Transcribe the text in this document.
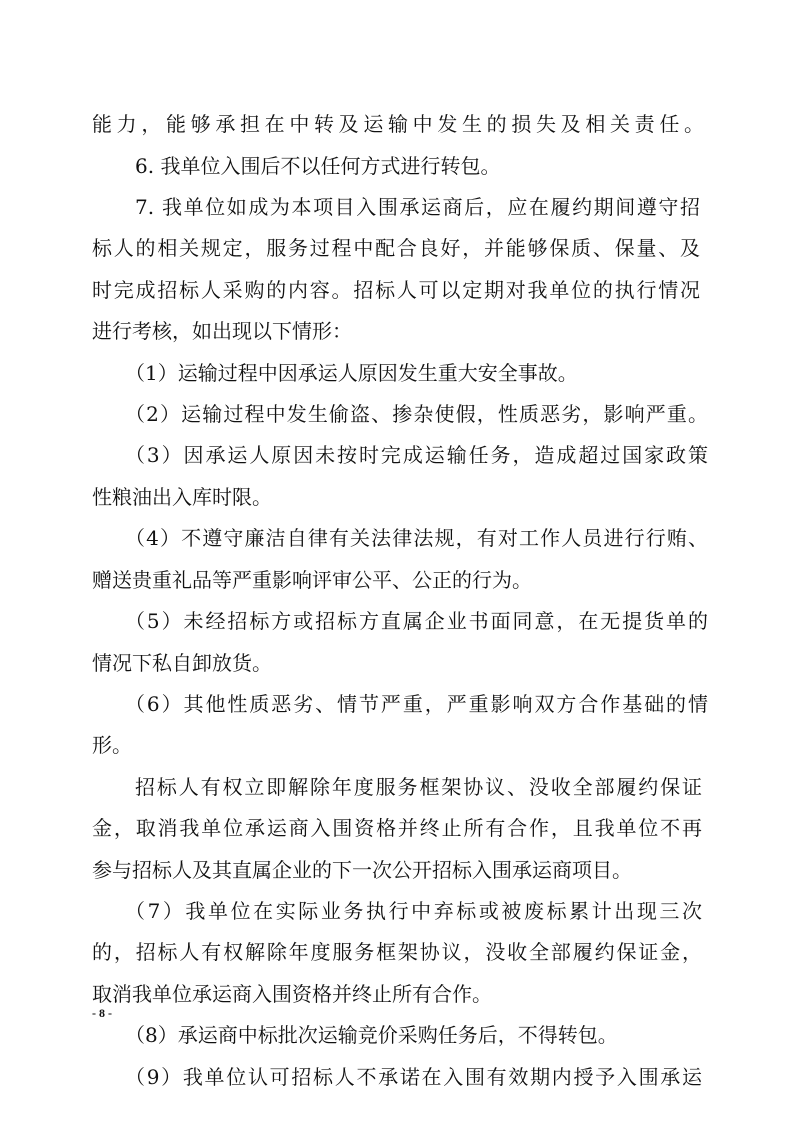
能力，能够承担在中转及运输中发生的损失及相关责任。
6. 我单位入围后不以任何方式进行转包。
7. 我单位如成为本项目入围承运商后，应在履约期间遵守招
标人的相关规定，服务过程中配合良好，并能够保质、保量、及
时完成招标人采购的内容。招标人可以定期对我单位的执行情况
进行考核，如出现以下情形：
（1）运输过程中因承运人原因发生重大安全事故。
（2）运输过程中发生偷盗、掺杂使假，性质恶劣，影响严重。
（3）因承运人原因未按时完成运输任务，造成超过国家政策
性粮油出入库时限。
（4）不遵守廉洁自律有关法律法规，有对工作人员进行行贿、
赠送贵重礼品等严重影响评审公平、公正的行为。
（5）未经招标方或招标方直属企业书面同意，在无提货单的
情况下私自卸放货。
（6）其他性质恶劣、情节严重，严重影响双方合作基础的情
形。
招标人有权立即解除年度服务框架协议、没收全部履约保证
金，取消我单位承运商入围资格并终止所有合作，且我单位不再
参与招标人及其直属企业的下一次公开招标入围承运商项目。
（7）我单位在实际业务执行中弃标或被废标累计出现三次
的，招标人有权解除年度服务框架协议，没收全部履约保证金，
取消我单位承运商入围资格并终止所有合作。
（8）承运商中标批次运输竞价采购任务后，不得转包。
（9）我单位认可招标人不承诺在入围有效期内授予入围承运
- 8 -
